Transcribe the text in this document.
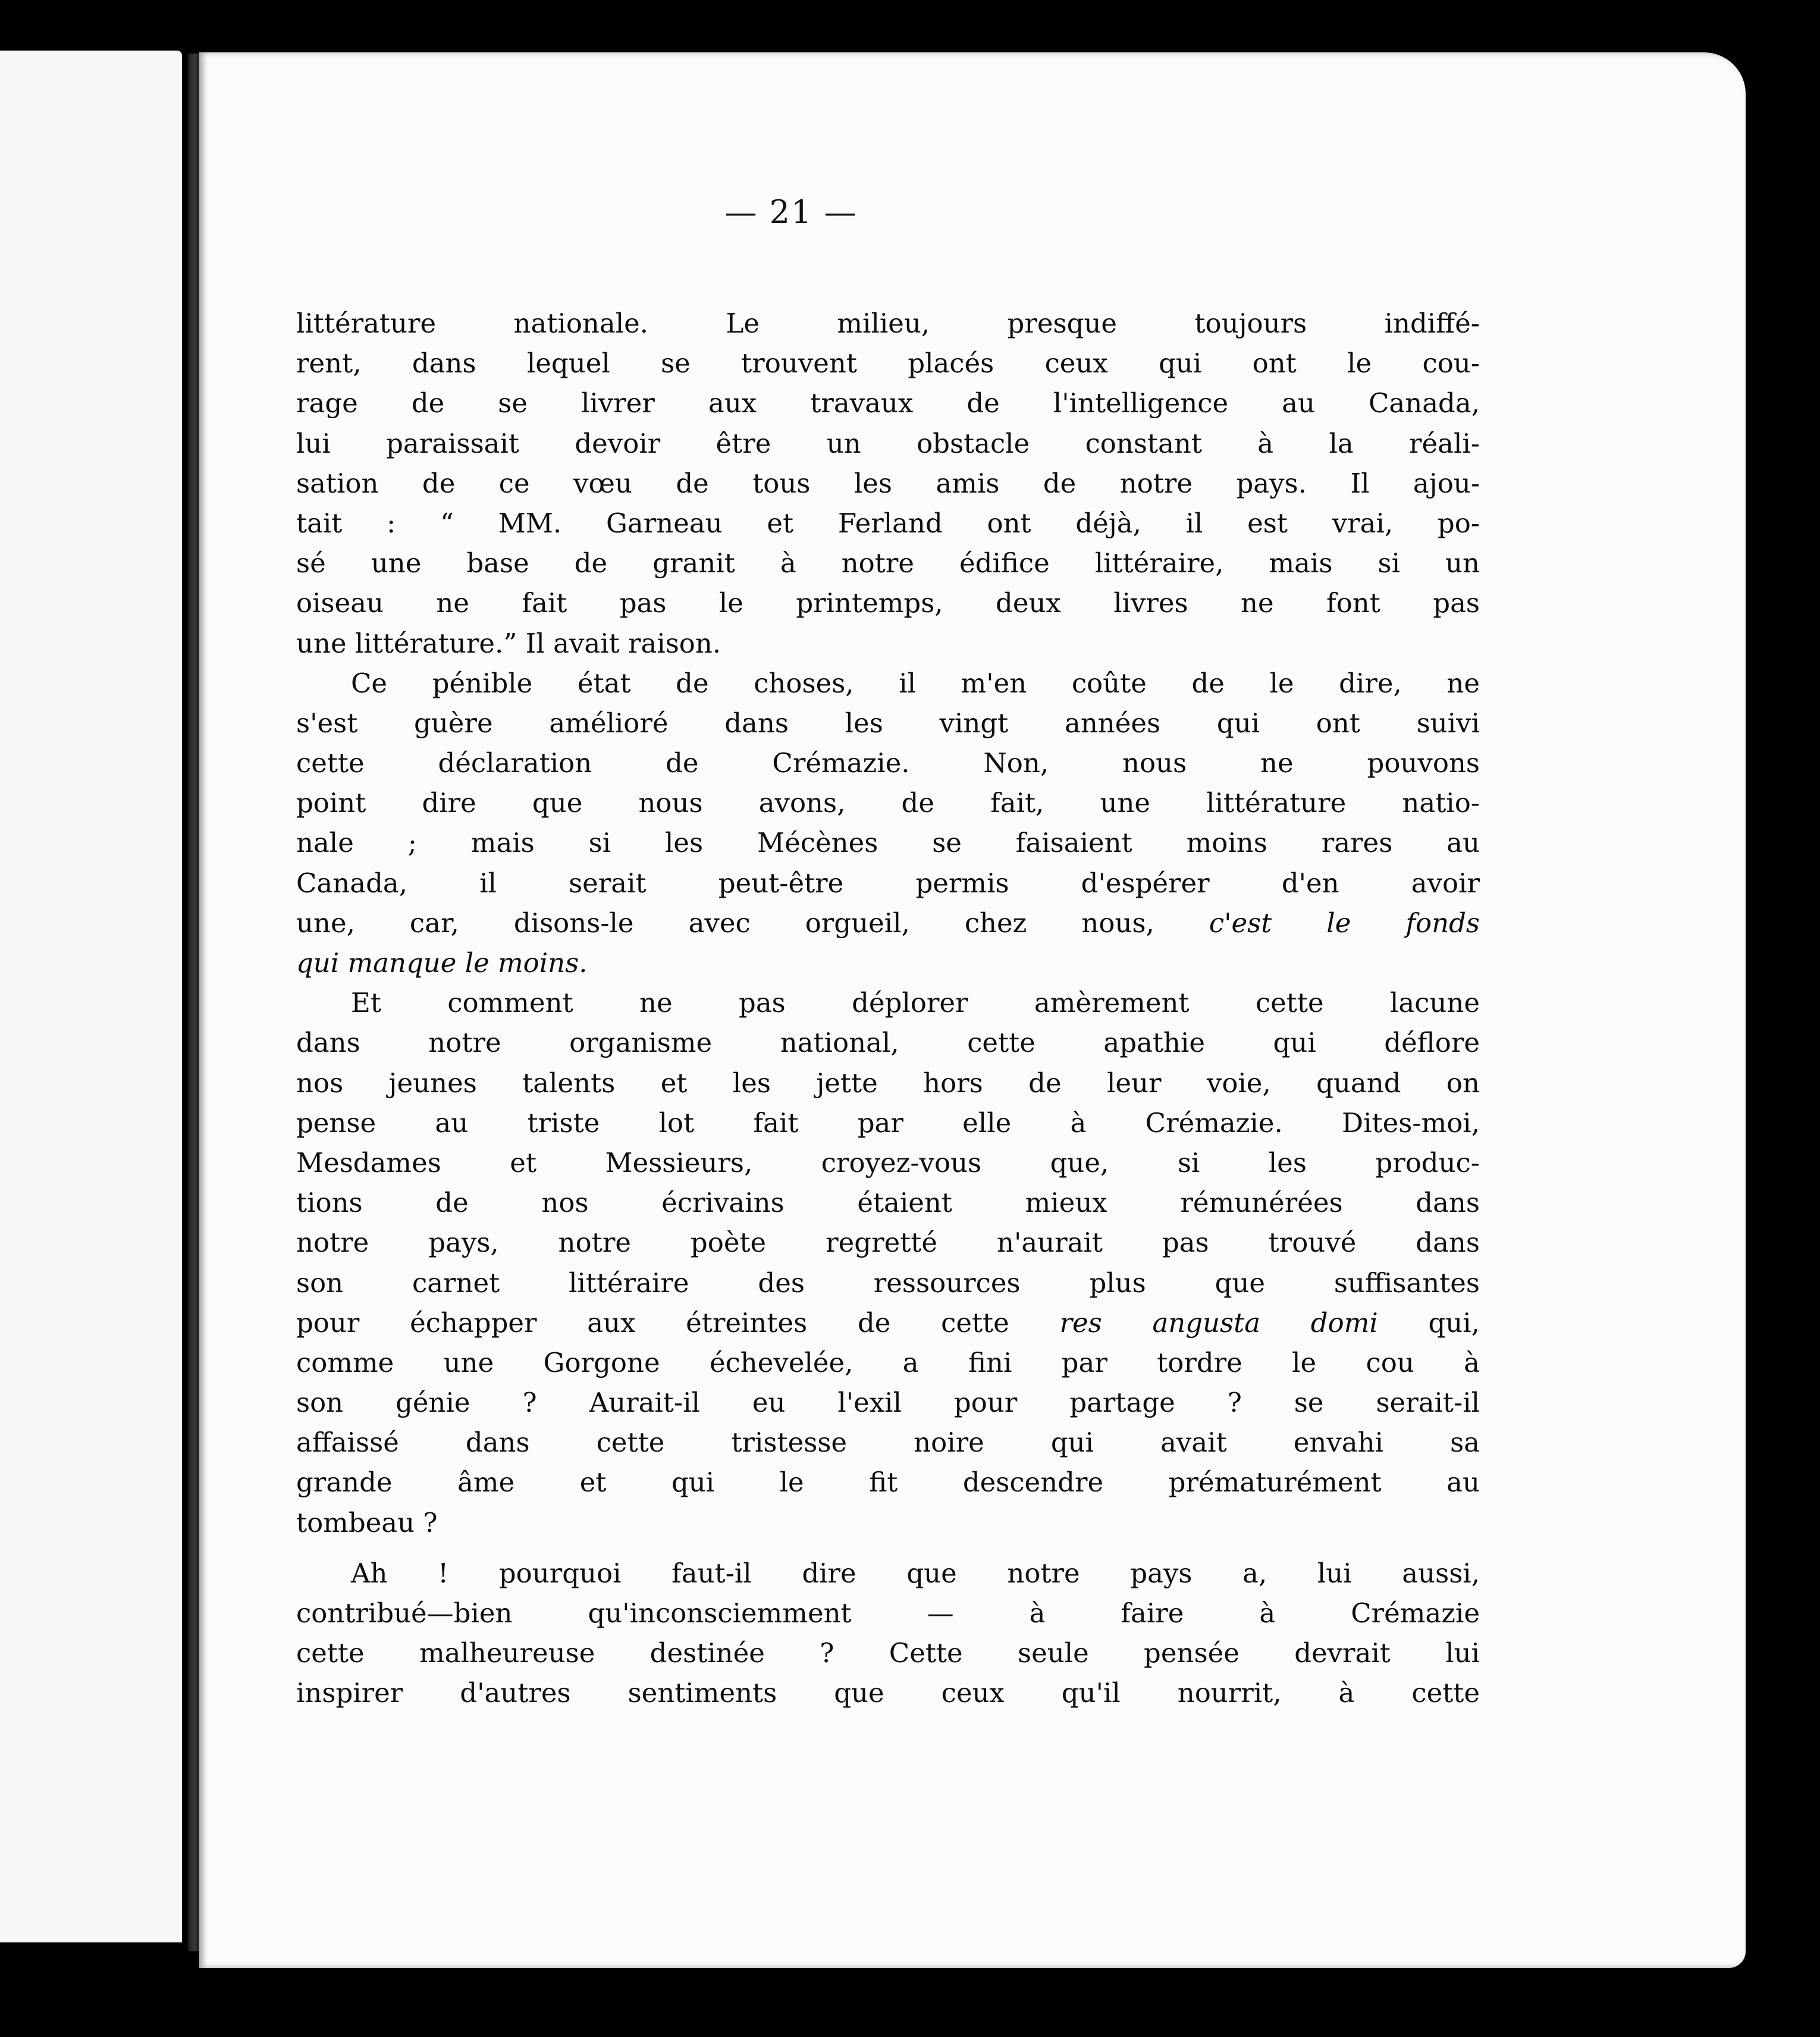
— 21 —
littérature nationale. Le milieu, presque toujours indiffé-
rent, dans lequel se trouvent placés ceux qui ont le cou-
rage de se livrer aux travaux de l'intelligence au Canada,
lui paraissait devoir être un obstacle constant à la réali-
sation de ce vœu de tous les amis de notre pays. Il ajou-
tait : “ MM. Garneau et Ferland ont déjà, il est vrai, po-
sé une base de granit à notre édifice littéraire, mais si un
oiseau ne fait pas le printemps, deux livres ne font pas
une littérature.” Il avait raison.
Ce pénible état de choses, il m'en coûte de le dire, ne
s'est guère amélioré dans les vingt années qui ont suivi
cette déclaration de Crémazie. Non, nous ne pouvons
point dire que nous avons, de fait, une littérature natio-
nale ; mais si les Mécènes se faisaient moins rares au
Canada, il serait peut-être permis d'espérer d'en avoir
une, car, disons-le avec orgueil, chez nous, c'est le fonds
qui manque le moins.
Et comment ne pas déplorer amèrement cette lacune
dans notre organisme national, cette apathie qui déflore
nos jeunes talents et les jette hors de leur voie, quand on
pense au triste lot fait par elle à Crémazie. Dites-moi,
Mesdames et Messieurs, croyez-vous que, si les produc-
tions de nos écrivains étaient mieux rémunérées dans
notre pays, notre poète regretté n'aurait pas trouvé dans
son carnet littéraire des ressources plus que suffisantes
pour échapper aux étreintes de cette res angusta domi qui,
comme une Gorgone échevelée, a fini par tordre le cou à
son génie ? Aurait-il eu l'exil pour partage ? se serait-il
affaissé dans cette tristesse noire qui avait envahi sa
grande âme et qui le fit descendre prématurément au
tombeau ?
Ah ! pourquoi faut-il dire que notre pays a, lui aussi,
contribué—bien qu'inconsciemment — à faire à Crémazie
cette malheureuse destinée ? Cette seule pensée devrait lui
inspirer d'autres sentiments que ceux qu'il nourrit, à cette
